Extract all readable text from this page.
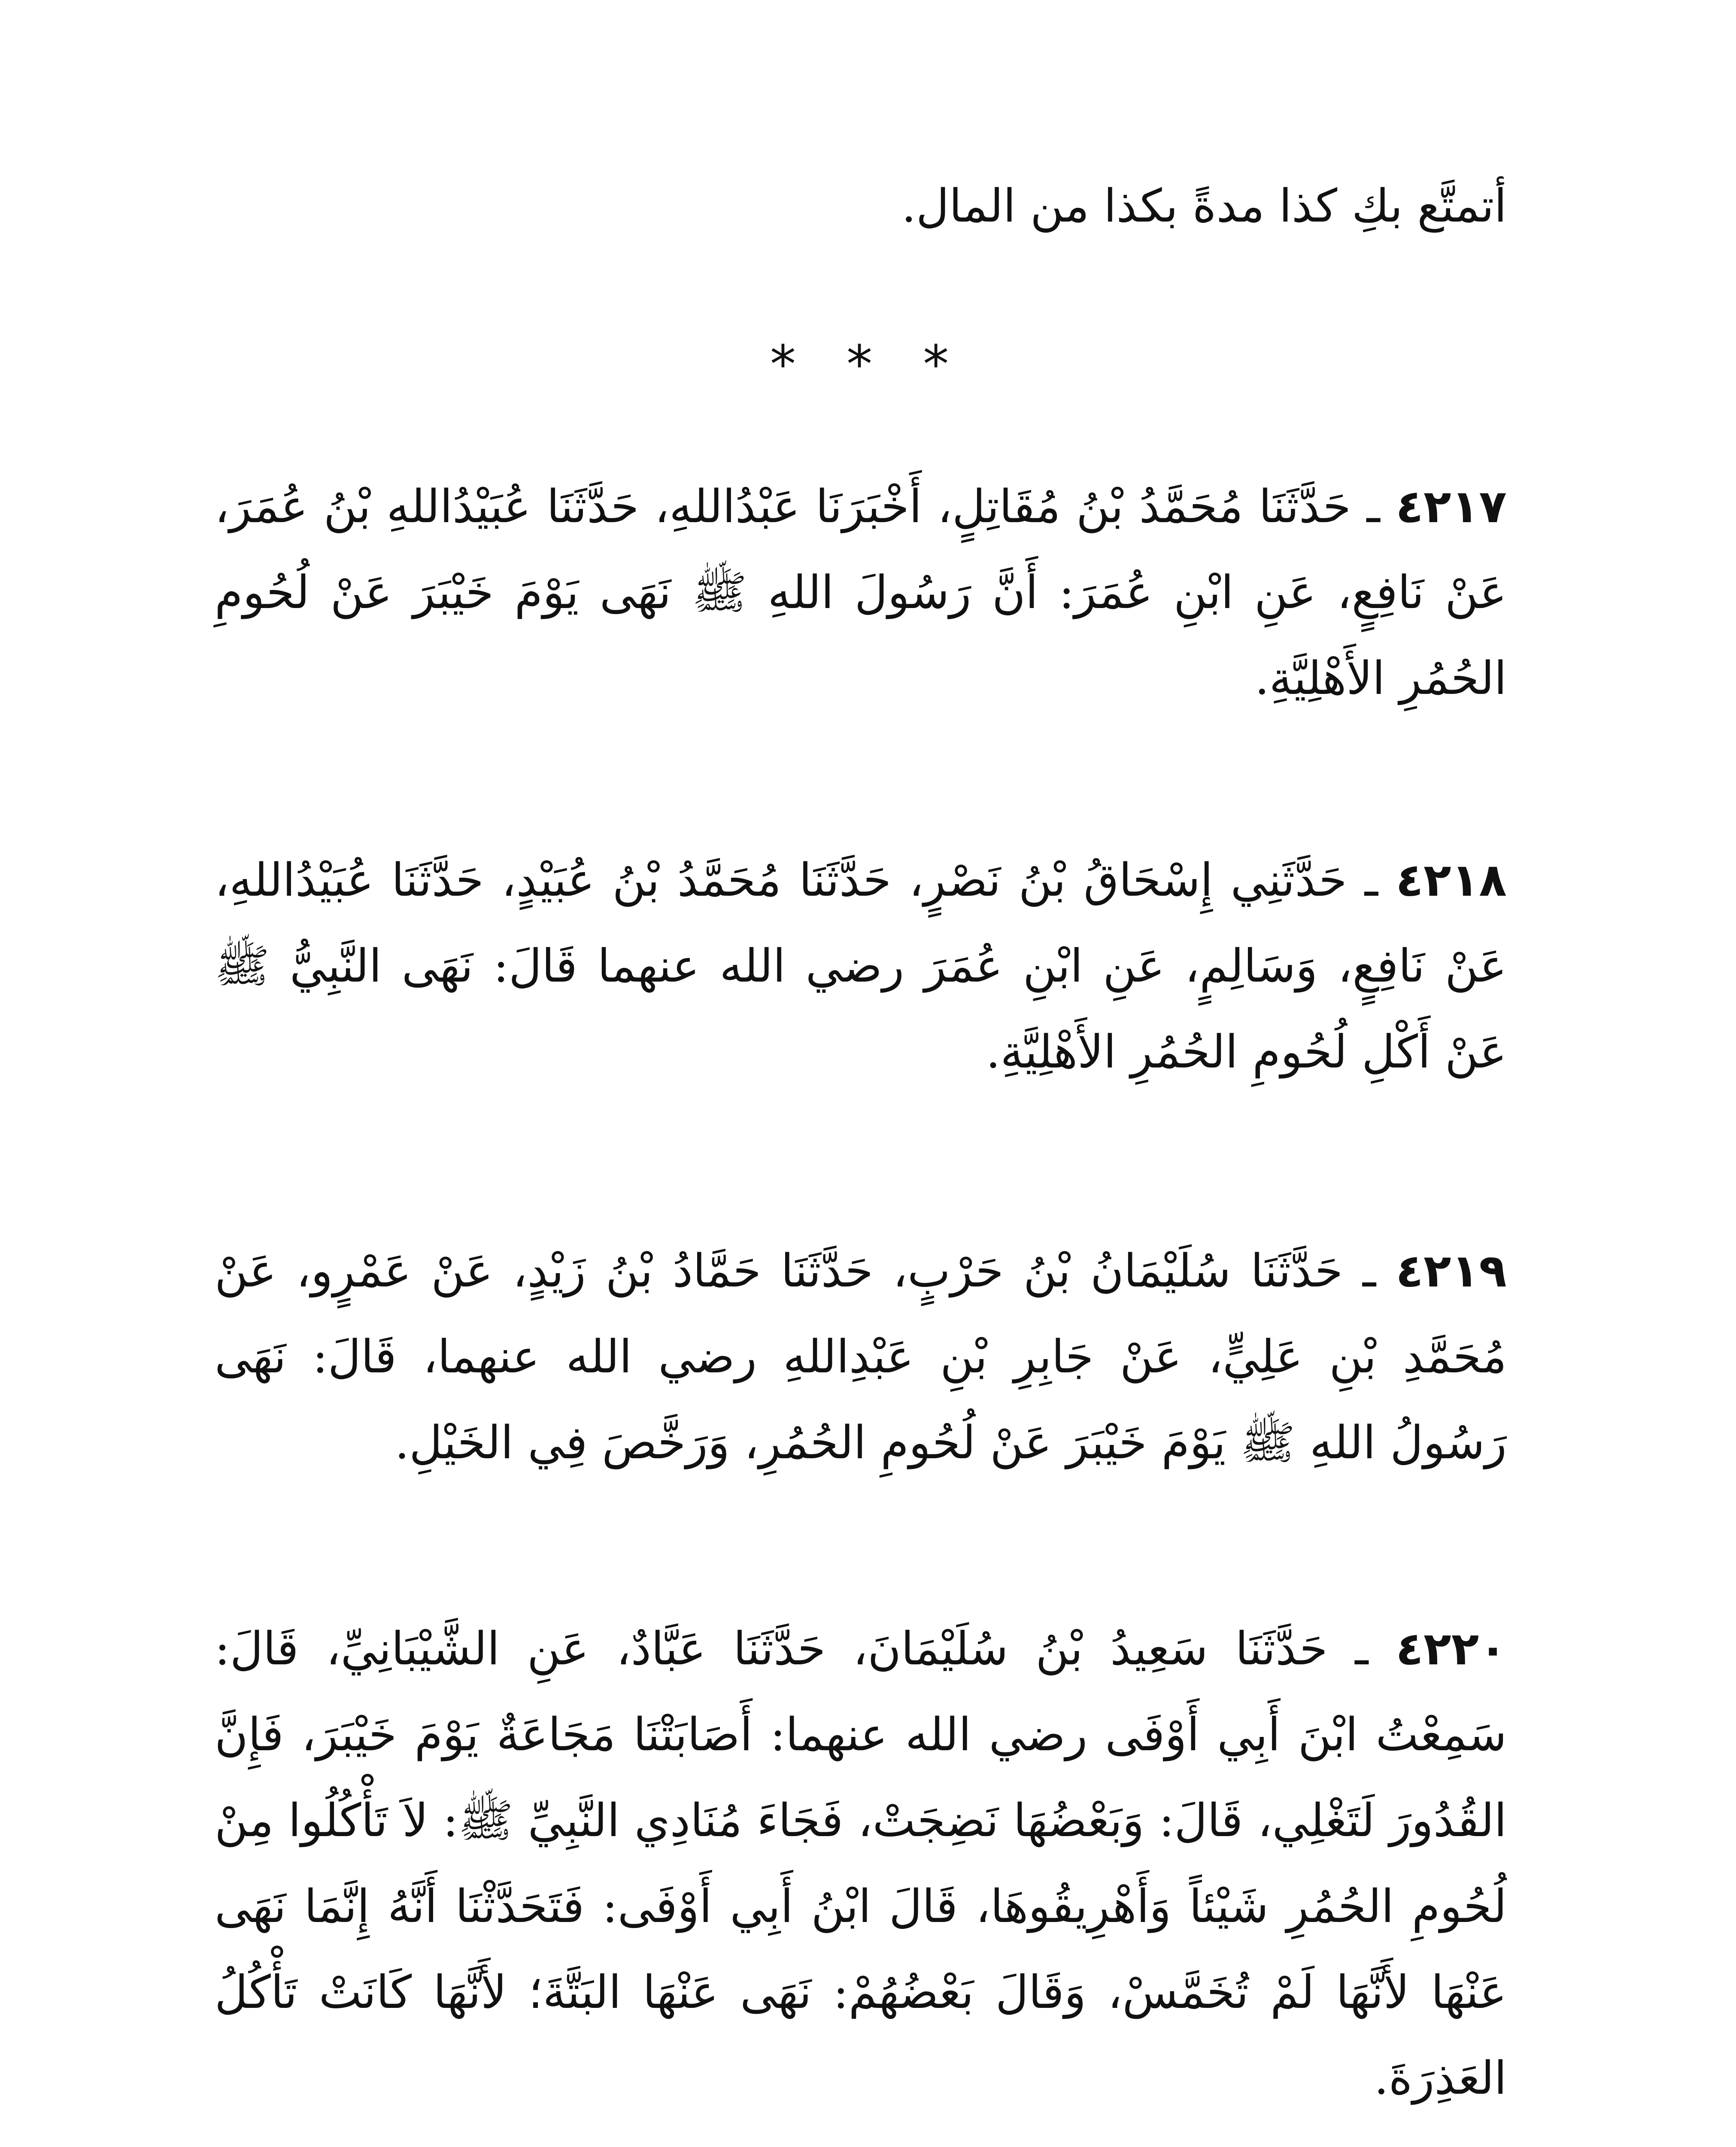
أتمتَّع بكِ كذا مدةً بكذا من المال.
* * *
٤٢١٧ ـ حَدَّثَنَا مُحَمَّدُ بْنُ مُقَاتِلٍ، أَخْبَرَنَا عَبْدُاللهِ، حَدَّثَنَا عُبَيْدُاللهِ بْنُ عُمَرَ، عَنْ نَافِعٍ، عَنِ ابْنِ عُمَرَ: أَنَّ رَسُولَ اللهِ ﷺ نَهَى يَوْمَ خَيْبَرَ عَنْ لُحُومِ الحُمُرِ الأَهْلِيَّةِ.
٤٢١٨ ـ حَدَّثَنِي إِسْحَاقُ بْنُ نَصْرٍ، حَدَّثَنَا مُحَمَّدُ بْنُ عُبَيْدٍ، حَدَّثَنَا عُبَيْدُاللهِ، عَنْ نَافِعٍ، وَسَالِمٍ، عَنِ ابْنِ عُمَرَ رضي الله عنهما قَالَ: نَهَى النَّبِيُّ ﷺ عَنْ أَكْلِ لُحُومِ الحُمُرِ الأَهْلِيَّةِ.
٤٢١٩ ـ حَدَّثَنَا سُلَيْمَانُ بْنُ حَرْبٍ، حَدَّثَنَا حَمَّادُ بْنُ زَيْدٍ، عَنْ عَمْرٍو، عَنْ مُحَمَّدِ بْنِ عَلِيٍّ، عَنْ جَابِرِ بْنِ عَبْدِاللهِ رضي الله عنهما، قَالَ: نَهَى رَسُولُ اللهِ ﷺ يَوْمَ خَيْبَرَ عَنْ لُحُومِ الحُمُرِ، وَرَخَّصَ فِي الخَيْلِ.
٤٢٢٠ ـ حَدَّثَنَا سَعِيدُ بْنُ سُلَيْمَانَ، حَدَّثَنَا عَبَّادٌ، عَنِ الشَّيْبَانِيِّ، قَالَ: سَمِعْتُ ابْنَ أَبِي أَوْفَى رضي الله عنهما: أَصَابَتْنَا مَجَاعَةٌ يَوْمَ خَيْبَرَ، فَإِنَّ القُدُورَ لَتَغْلِي، قَالَ: وَبَعْضُهَا نَضِجَتْ، فَجَاءَ مُنَادِي النَّبِيِّ ﷺ: لاَ تَأْكُلُوا مِنْ لُحُومِ الحُمُرِ شَيْئاً وَأَهْرِيقُوهَا، قَالَ ابْنُ أَبِي أَوْفَى: فَتَحَدَّثْنَا أَنَّهُ إِنَّمَا نَهَى عَنْهَا لأَنَّهَا لَمْ تُخَمَّسْ، وَقَالَ بَعْضُهُمْ: نَهَى عَنْهَا البَتَّةَ؛ لأَنَّهَا كَانَتْ تَأْكُلُ العَذِرَةَ.
